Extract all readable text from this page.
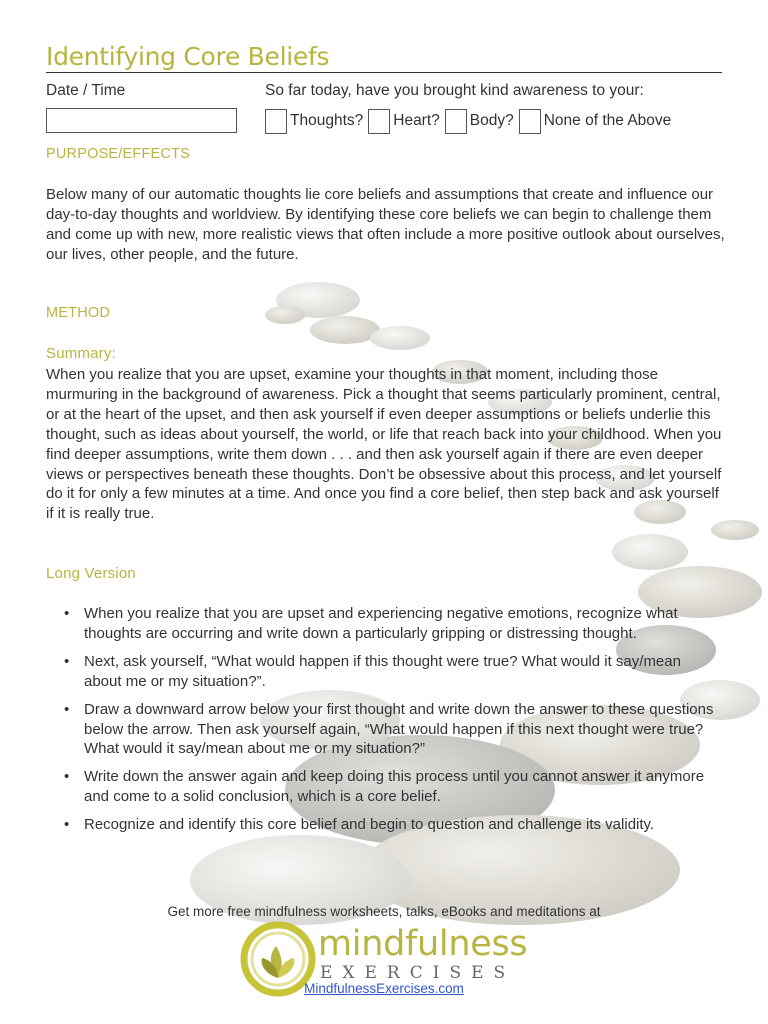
Identifying Core Beliefs
Date / Time	So far today, have you brought kind awareness to your:
Thoughts? Heart? Body? None of the Above
PURPOSE/EFFECTS

Below many of our automatic thoughts lie core beliefs and assumptions that create and influence our day-to-day thoughts and worldview. By identifying these core beliefs we can begin to challenge them and come up with new, more realistic views that often include a more positive outlook about ourselves, our lives, other people, and the future.

METHOD
Summary:

When you realize that you are upset, examine your thoughts in that moment, including those murmuring in the background of awareness. Pick a thought that seems particularly prominent, central, or at the heart of the upset, and then ask yourself if even deeper assumptions or beliefs underlie this thought, such as ideas about yourself, the world, or life that reach back into your childhood. When you find deeper assumptions, write them down . . . and then ask yourself again if there are even deeper views or perspectives beneath these thoughts. Don’t be obsessive about this process, and let yourself do it for only a few minutes at a time. And once you find a core belief, then step back and ask yourself if it is really true.

Long Version
• When you realize that you are upset and experiencing negative emotions, recognize what thoughts are occurring and write down a particularly gripping or distressing thought.
• Next, ask yourself, “What would happen if this thought were true? What would it say/mean about me or my situation?”.
• Draw a downward arrow below your first thought and write down the answer to these questions below the arrow. Then ask yourself again, “What would happen if this next thought were true? What would it say/mean about me or my situation?”
• Write down the answer again and keep doing this process until you cannot answer it anymore and come to a solid conclusion, which is a core belief.
• Recognize and identify this core belief and begin to question and challenge its validity.
Get more free mindfulness worksheets, talks, eBooks and meditations at
mindfulness
EXERCISES
MindfulnessExercises.com
